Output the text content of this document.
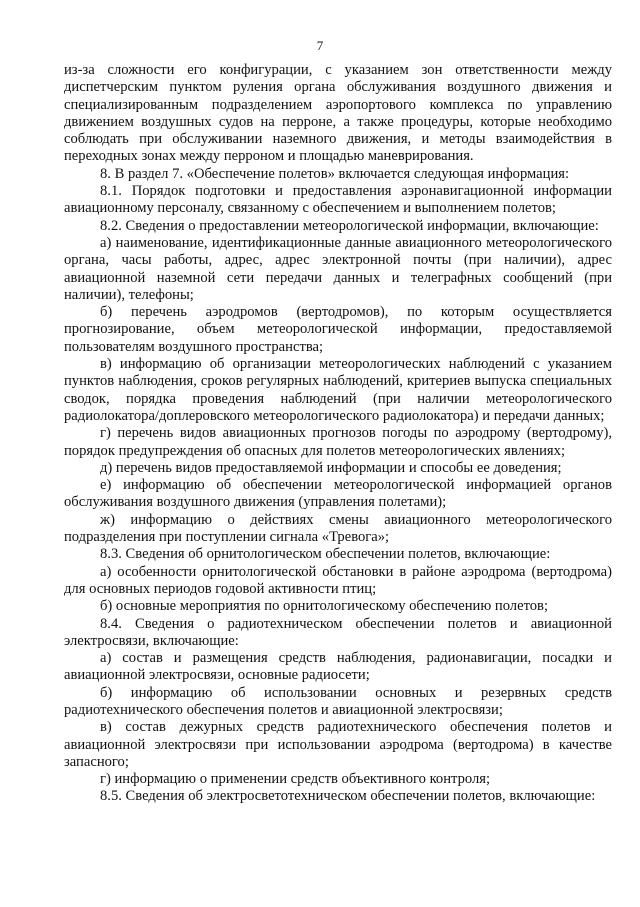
7

из-за сложности его конфигурации, с указанием зон ответственности между диспетчерским пунктом руления органа обслуживания воздушного движения и специализированным подразделением аэропортового комплекса по управлению движением воздушных судов на перроне, а также процедуры, которые необходимо соблюдать при обслуживании наземного движения, и методы взаимодействия в переходных зонах между перроном и площадью маневрирования.

8. В раздел 7. «Обеспечение полетов» включается следующая информация:

8.1. Порядок подготовки и предоставления аэронавигационной информации авиационному персоналу, связанному с обеспечением и выполнением полетов;

8.2. Сведения о предоставлении метеорологической информации, включающие:

а) наименование, идентификационные данные авиационного метеорологического органа, часы работы, адрес, адрес электронной почты (при наличии), адрес авиационной наземной сети передачи данных и телеграфных сообщений (при наличии), телефоны;

б) перечень аэродромов (вертодромов), по которым осуществляется прогнозирование, объем метеорологической информации, предоставляемой пользователям воздушного пространства;

в) информацию об организации метеорологических наблюдений с указанием пунктов наблюдения, сроков регулярных наблюдений, критериев выпуска специальных сводок, порядка проведения наблюдений (при наличии метеорологического радиолокатора/доплеровского метеорологического радиолокатора) и передачи данных;

г) перечень видов авиационных прогнозов погоды по аэродрому (вертодрому), порядок предупреждения об опасных для полетов метеорологических явлениях;

д) перечень видов предоставляемой информации и способы ее доведения;

е) информацию об обеспечении метеорологической информацией органов обслуживания воздушного движения (управления полетами);

ж) информацию о действиях смены авиационного метеорологического подразделения при поступлении сигнала «Тревога»;

8.3. Сведения об орнитологическом обеспечении полетов, включающие:

а) особенности орнитологической обстановки в районе аэродрома (вертодрома) для основных периодов годовой активности птиц;

б) основные мероприятия по орнитологическому обеспечению полетов;

8.4. Сведения о радиотехническом обеспечении полетов и авиационной электросвязи, включающие:

а) состав и размещения средств наблюдения, радионавигации, посадки и авиационной электросвязи, основные радиосети;

б) информацию об использовании основных и резервных средств радиотехнического обеспечения полетов и авиационной электросвязи;

в) состав дежурных средств радиотехнического обеспечения полетов и авиационной электросвязи при использовании аэродрома (вертодрома) в качестве запасного;

г) информацию о применении средств объективного контроля;

8.5. Сведения об электросветотехническом обеспечении полетов, включающие:
